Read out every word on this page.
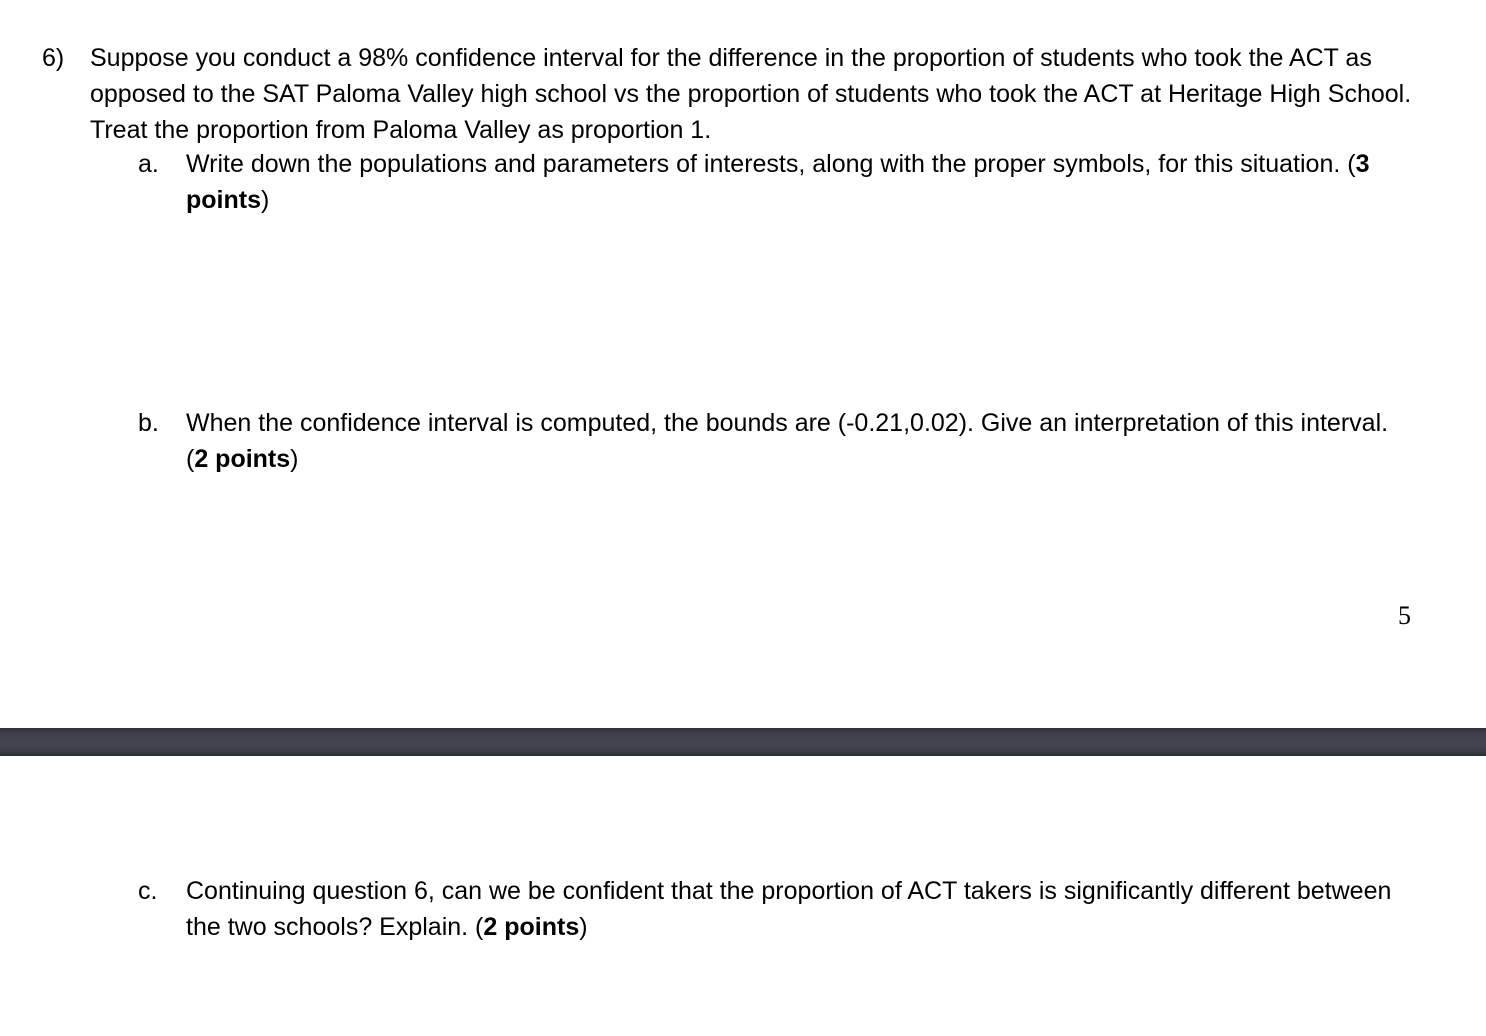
6) Suppose you conduct a 98% confidence interval for the difference in the proportion of students who took the ACT as opposed to the SAT Paloma Valley high school vs the proportion of students who took the ACT at Heritage High School. Treat the proportion from Paloma Valley as proportion 1.
a. Write down the populations and parameters of interests, along with the proper symbols, for this situation. (3 points)
b. When the confidence interval is computed, the bounds are (-0.21,0.02). Give an interpretation of this interval. (2 points)
5
c. Continuing question 6, can we be confident that the proportion of ACT takers is significantly different between the two schools? Explain. (2 points)
